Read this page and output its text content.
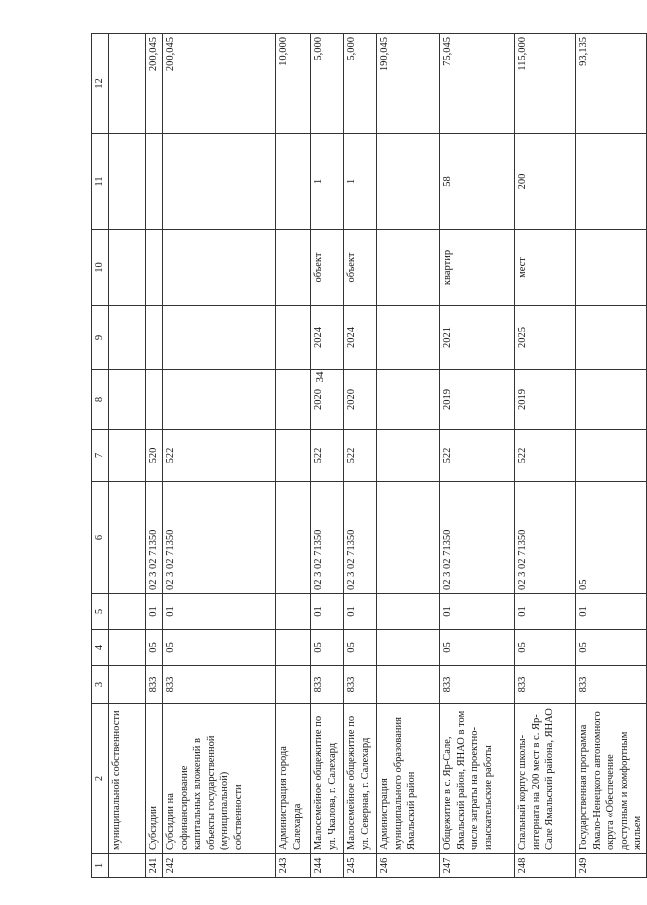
34
1	2	3	4	5	6	7	8	9	10	11	12
	муниципальной собственности										
241	Субсидии	833	05	01	02 3 02 71350	520					200,045
242	Субсидии на софинансирование капитальных вложений в объекты государственной (муниципальной) собственности	833	05	01	02 3 02 71350	522					200,045
243	Администрация города Салехарда										10,000
244	Малосемейное общежитие по ул. Чкалова, г. Салехард	833	05	01	02 3 02 71350	522	2020	2024	объект	1	5,000
245	Малосемейное общежитие по ул. Северная, г. Салехард	833	05	01	02 3 02 71350	522	2020	2024	объект	1	5,000
246	Администрация муниципального образования Ямальский район										190,045
247	Общежитие в с. Яр-Сале, Ямальский район, ЯНАО в том числе затраты на проектно-изыскательские работы	833	05	01	02 3 02 71350	522	2019	2021	квартир	58	75,045
248	Спальный корпус школы-интерната на 200 мест в с. Яр-Сале Ямальский района, ЯНАО	833	05	01	02 3 02 71350	522	2019	2025	мест	200	115,000
249	Государственная программа Ямало-Ненецкого автономного округа «Обеспечение доступным и комфортным жильем	833	05	01	05						93,135
